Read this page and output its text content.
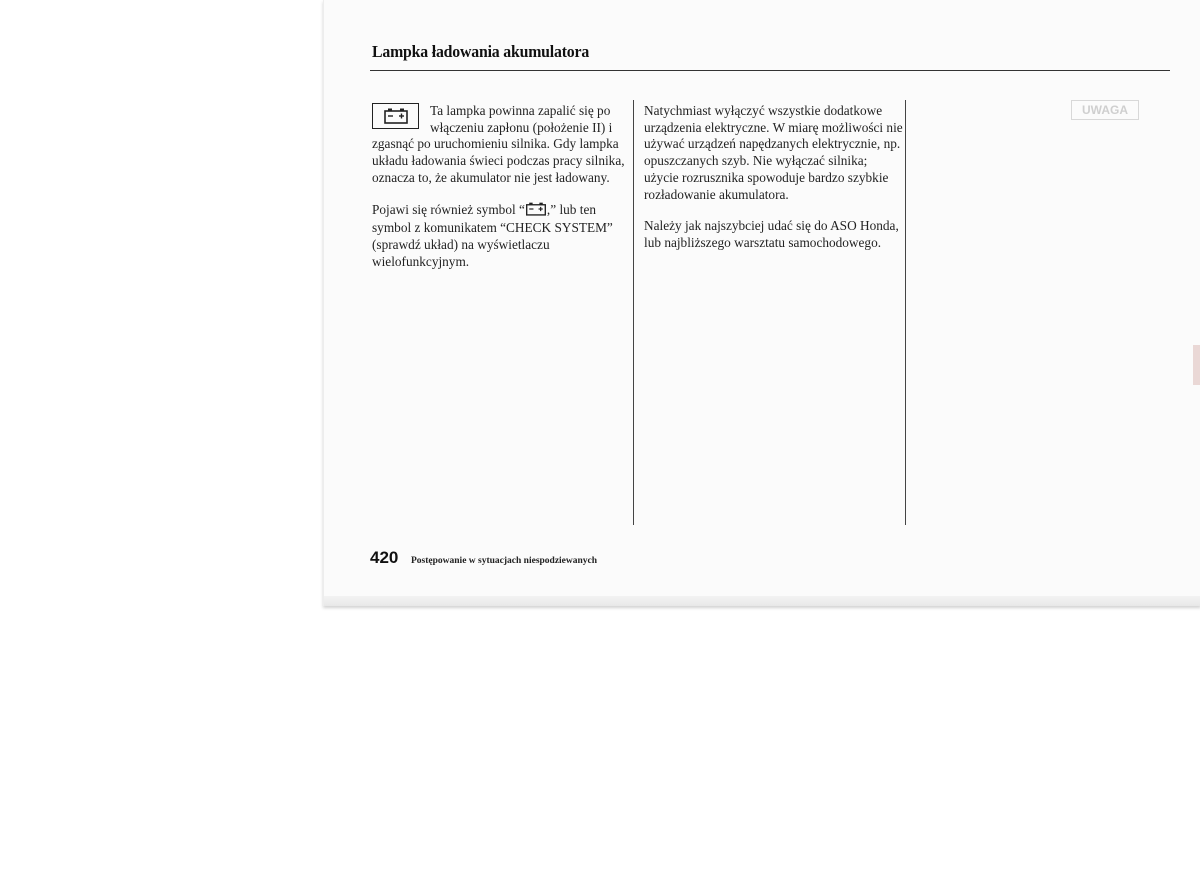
Lampka ładowania akumulatora

Ta lampka powinna zapalić się po włączeniu zapłonu (położenie II) i zgasnąć po uruchomieniu silnika. Gdy lampka układu ładowania świeci podczas pracy silnika, oznacza to, że akumulator nie jest ładowany.

Pojawi się również symbol “ ,” lub ten symbol z komunikatem “CHECK SYSTEM” (sprawdź układ) na wyświetlaczu wielofunkcyjnym.

Natychmiast wyłączyć wszystkie dodatkowe urządzenia elektryczne. W miarę możliwości nie używać urządzeń napędzanych elektrycznie, np. opuszczanych szyb. Nie wyłączać silnika; użycie rozrusznika spowoduje bardzo szybkie rozładowanie akumulatora.

Należy jak najszybciej udać się do ASO Honda, lub najbliższego warsztatu samochodowego.

UWAGA
420 Postępowanie w sytuacjach niespodziewanych
